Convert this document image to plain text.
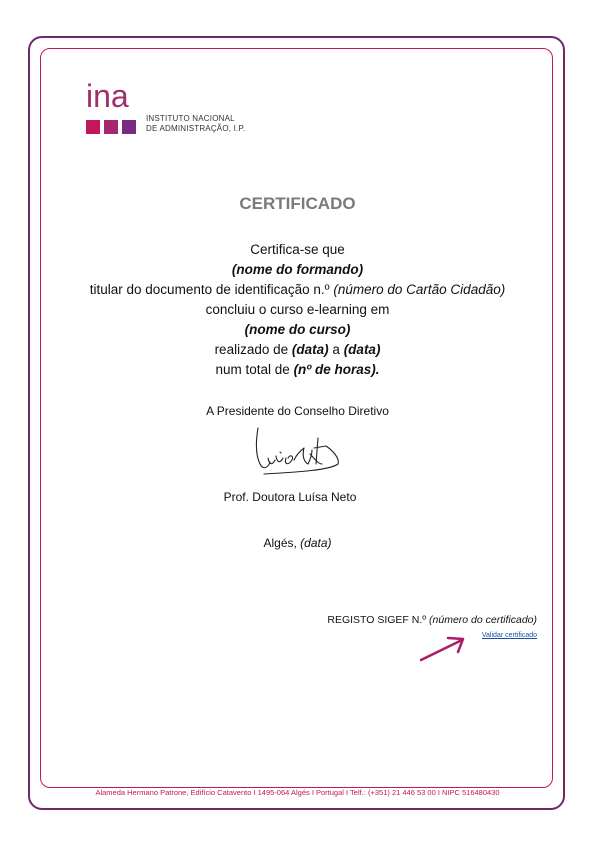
ina
INSTITUTO NACIONAL
DE ADMINISTRAÇÃO, I.P.
CERTIFICADO
Certifica-se que
(nome do formando)
titular do documento de identificação n.º (número do Cartão Cidadão)
concluiu o curso e-learning em
(nome do curso)
realizado de (data) a (data)
num total de (nº de horas).
A Presidente do Conselho Diretivo
Prof. Doutora Luísa Neto
Algés, (data)
REGISTO SIGEF N.º (número do certificado)
Validar certificado
Alameda Hermano Patrone, Edifício Catavento I 1495-064 Algés I Portugal I Telf.: (+351) 21 446 53 00 I NIPC 516480430
